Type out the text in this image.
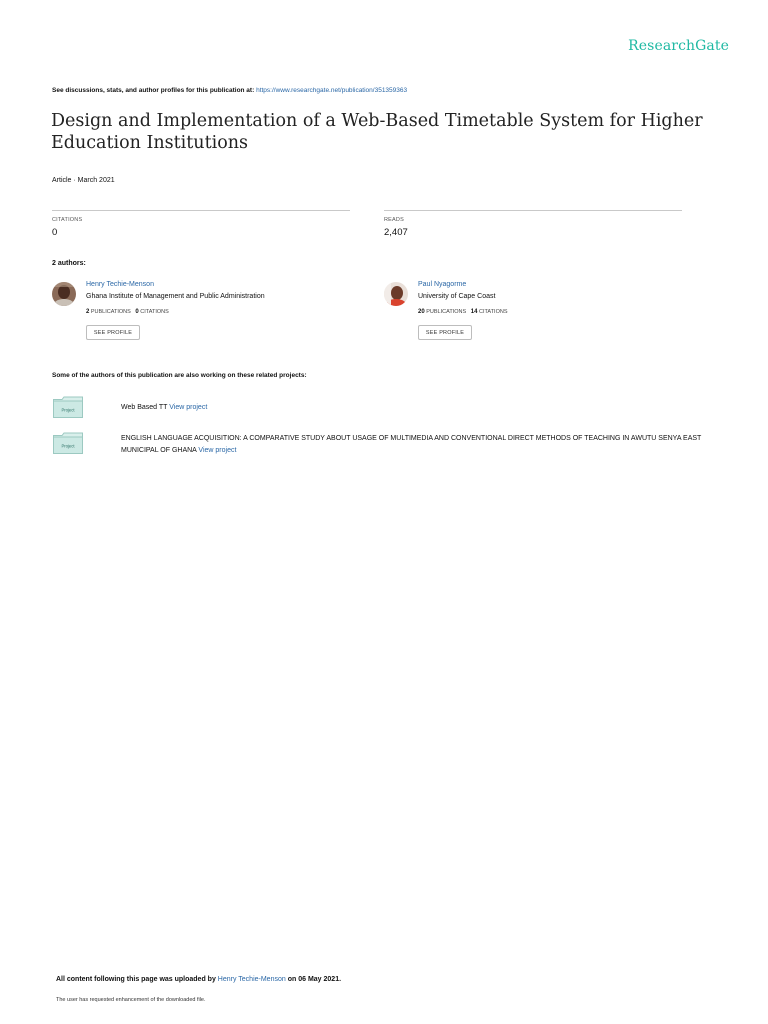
ResearchGate
See discussions, stats, and author profiles for this publication at: https://www.researchgate.net/publication/351359363
Design and Implementation of a Web-Based Timetable System for Higher Education Institutions
Article · March 2021
CITATIONS
0
READS
2,407
2 authors:
Henry Techie-Menson
Ghana Institute of Management and Public Administration
2 PUBLICATIONS 0 CITATIONS
SEE PROFILE
Paul Nyagorme
University of Cape Coast
20 PUBLICATIONS 14 CITATIONS
SEE PROFILE
Some of the authors of this publication are also working on these related projects:
Project	Web Based TT View project
Project
ENGLISH LANGUAGE ACQUISITION: A COMPARATIVE STUDY ABOUT USAGE OF MULTIMEDIA AND CONVENTIONAL DIRECT METHODS OF TEACHING IN AWUTU SENYA EAST MUNICIPAL OF GHANA View project
All content following this page was uploaded by Henry Techie-Menson on 06 May 2021.
The user has requested enhancement of the downloaded file.
